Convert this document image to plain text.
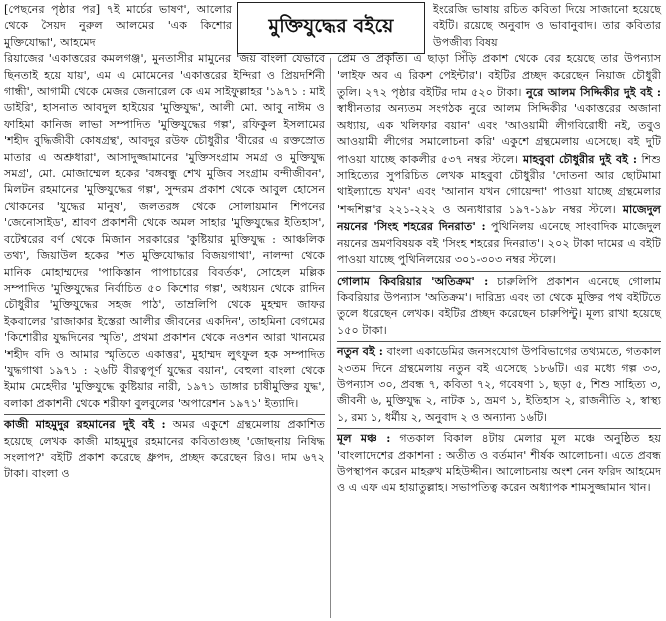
মুক্তিযুদ্ধের বইয়ে

[পেছনের পৃষ্ঠার পর] ৭ই মার্চের ভাষণ', আলোর থেকে সৈয়দ নুরুল আলমের 'এক কিশোর মুক্তিযোদ্ধা', আহমেদ

রিয়াজের 'একাত্তরের কমলগঞ্জ', মুনতাসীর মামুনের 'জয় বাংলা যেভাবে ছিনতাই হয়ে যায়', এম এ মোমেনের 'একাত্তরের ইন্দিরা ও প্রিয়দর্শিনী গান্ধী', আগামী থেকে মেজর জেনারেল কে এম সাইফুল্লাহর '১৯৭১ : মাই ডাইরি', হাসনাত আবদুল হাইয়ের 'মুক্তিযুদ্ধ', আলী মো. আবু নাঈম ও ফাহিমা কানিজ লাভা সম্পাদিত 'মুক্তিযুদ্ধের গল্প', রফিকুল ইসলামের 'শহীদ বুদ্ধিজীবী কোষগ্রন্থ', আবদুর রউফ চৌধুরীর 'বীরের এ রক্তস্রোত মাতার এ অশ্রুধারা', আসাদুজ্জামানের 'মুক্তিসংগ্রাম সমগ্র ও মুক্তিযুদ্ধ সমগ্র', মো. মোজাম্মেল হকের 'বঙ্গবন্ধু শেখ মুজিব সংগ্রাম বন্দীজীবন', মিলটন রহমানের 'মুক্তিযুদ্ধের গল্প', সুন্দরম প্রকাশ থেকে আবুল হোসেন খোকনের 'যুদ্ধের মানুষ', জলতরঙ্গ থেকে সোলায়মান শিপনের 'জেনোসাইড', শ্রাবণ প্রকাশনী থেকে অমল সাহার 'মুক্তিযুদ্ধের ইতিহাস', বটেশ্বরের বর্ণ থেকে মিজান সরকারের 'কুষ্টিয়ার মুক্তিযুদ্ধ : আঞ্চলিক তথ্য', জিয়াউল হকের 'শত মুক্তিযোদ্ধার বিজয়গাথা', নালন্দা থেকে মানিক মোহাম্মদের 'পাকিস্তান পাপাচারের বিবর্তক', সোহেল মল্লিক সম্পাদিত 'মুক্তিযুদ্ধের নির্বাচিত ৫০ কিশোর গল্প', অধ্যয়ন থেকে রাদিন চৌধুরীর 'মুক্তিযুদ্ধের সহজ পাঠ', তাম্রলিপি থেকে মুহম্মদ জাফর ইকবালের 'রাজাকার ইস্তেরা আলীর জীবনের একদিন', তাহমিনা বেগমের 'কিশোরীর যুদ্ধদিনের স্মৃতি', প্রথমা প্রকাশন থেকে নওশন আরা খানমের 'শহীদ বদি ও আমার স্মৃতিতে একাত্তর', মুহাম্মদ লুৎফুল হক সম্পাদিত 'যুদ্ধগাথা ১৯৭১ : ২৬টি বীরত্বপূর্ণ যুদ্ধের বয়ান', বেহুলা বাংলা থেকে ইমাম মেহেদীর 'মুক্তিযুদ্ধে কুষ্টিয়ার নারী, ১৯৭১ ডাঙ্গার চাষীমুক্তির যুদ্ধ', বলাকা প্রকাশনী থেকে শরীফা বুলবুলের 'অপারেশন ১৯৭১' ইত্যাদি।

কাজী মাহমুদুর রহমানের দুই বই : অমর একুশে গ্রন্থমেলায় প্রকাশিত হয়েছে লেখক কাজী মাহমুদুর রহমানের কবিতাগুচ্ছ 'জোছনায় নিষিদ্ধ সংলাপ?' বইটি প্রকাশ করেছে ধ্রুপদ, প্রচ্ছদ করেছেন রিও। দাম ৬৭২ টাকা। বাংলা ও

ইংরেজি ভাষায় রচিত কবিতা দিয়ে সাজানো হয়েছে বইটি। রয়েছে অনুবাদ ও ভাবানুবাদ। তার কবিতার উপজীব্য বিষয়

প্রেম ও প্রকৃতি। এ ছাড়া সিঁড়ি প্রকাশ থেকে বের হয়েছে তার উপন্যাস 'লাইফ অব এ রিকশ পেইন্টার'। বইটির প্রচ্ছদ করেছেন নিয়াজ চৌধুরী তুলি। ২৭২ পৃষ্ঠার বইটির দাম ৫২০ টাকা। নুরে আলম সিদ্দিকীর দুই বই : স্বাধীনতার অন্যতম সংগঠক নুরে আলম সিদ্দিকীর 'একাত্তরের অজানা অধ্যায়, এক খলিফার বয়ান' এবং 'আওয়ামী লীগবিরোধী নই, তবুও আওয়ামী লীগের সমালোচনা করি' একুশে গ্রন্থমেলায় এসেছে। বই দুটি পাওয়া যাচ্ছে কাকলীর ৫৩৭ নম্বর স্টলে। মাহবুবা চৌধুরীর দুই বই : শিশু সাহিত্যের সুপরিচিত লেখক মাহবুবা চৌধুরীর 'দোতনা আর ছোটমামা থাইল্যান্ডে যখন' এবং 'আনান যখন গোয়েন্দা' পাওয়া যাচ্ছে গ্রন্থমেলার 'শব্দশিল্প'র ২২১-২২২ ও অন্যধারার ১৯৭-১৯৮ নম্বর স্টলে। মাজেদুল নয়নের 'সিংহ শহরের দিনরাত' : পুথিনিলয় এনেছে সাংবাদিক মাজেদুল নয়নের ভ্রমণবিষয়ক বই 'সিংহ শহরের দিনরাত'। ২০২ টাকা দামের এ বইটি পাওয়া যাচ্ছে পুথিনিলয়ের ৩০১-৩০৩ নম্বর স্টলে।

গোলাম কিবরিয়ার 'অতিক্রম' : চারুলিপি প্রকাশন এনেছে গোলাম কিবরিয়ার উপন্যাস 'অতিক্রম'। দারিদ্র্য এবং তা থেকে মুক্তির পথ বইটিতে তুলে ধরেছেন লেখক। বইটির প্রচ্ছদ করেছেন চারুপিন্টু। মূল্য রাখা হয়েছে ১৫০ টাকা।

নতুন বই : বাংলা একাডেমির জনসংযোগ উপবিভাগের তথ্যমতে, গতকাল ২৩তম দিনে গ্রন্থমেলায় নতুন বই এসেছে ১৮৬টি। এর মধ্যে গল্প ৩৩, উপন্যাস ৩০, প্রবন্ধ ৭, কবিতা ৭২, গবেষণা ১, ছড়া ৫, শিশু সাহিত্য ৩, জীবনী ৬, মুক্তিযুদ্ধ ২, নাটক ১, ভ্রমণ ১, ইতিহাস ২, রাজনীতি ২, স্বাস্থ্য ১, রম্য ১, ধর্মীয় ২, অনুবাদ ২ ও অন্যান্য ১৬টি।

মূল মঞ্চ : গতকাল বিকাল ৪টায় মেলার মূল মঞ্চে অনুষ্ঠিত হয় 'বাংলাদেশের প্রকাশনা : অতীত ও বর্তমান' শীর্ষক আলোচনা। এতে প্রবন্ধ উপস্থাপন করেন মাহরুখ মহিউদ্দীন। আলোচনায় অংশ নেন ফরিদ আহমেদ ও এ এফ এম হায়াতুল্লাহ। সভাপতিত্ব করেন অধ্যাপক শামসুজ্জামান খান।
